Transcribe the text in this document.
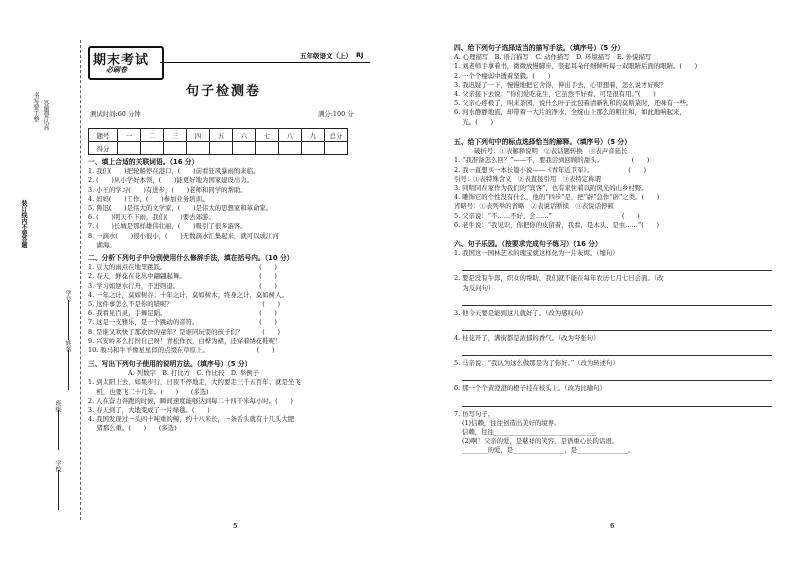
装订线内不要答题
书写要工整 答题要认真
学校
班级
姓名
学号
期末考试
必刷卷
五年级语文（上） RJ
句子检测卷
测试时间:60 分钟	满分:100 分
题号	一	二	三	四	五	六	七	八	九	总分
得分										
一、填上合适的关联词语。（16 分）
1. 我们(　　)把轮船停在港口，(　　)前看狂风暴雨的来临。
2. (　　)从小学好本领，(　　)能更好地为国家建设出力。
3. 小王的学习(　　)有进步，(　　)老师和同学的帮助。
4. 妈妈(　　)工作，(　　)参加业务培训。
5. 鲁迅(　　)是伟大的文学家，(　　)是伟大的思想家和革命家。
6. (　　)明天不下雨，我们(　　)要去郊游。
7. (　　)长城是那样雄伟壮丽，(　　)吸引了很多游客。
8. 一滴水(　　)很小很小，(　　)无数滴水汇集起来，就可以成江河
　 湖海。
二、分析下列句子中分别使用什么修辞手法，填在括号内。（10 分）
1. 豆大的雨点在地里跳跃。　　　　　　　　　　　　　　　(　　)
2. 春天，鲜花在花丛中翩翩起舞。　　　　　　　　　　　　(　　)
3. 学习如逆水行舟，不进则退。　　　　　　　　　　　　　(　　)
4. 一年之计，莫如树谷；十年之计，莫如树木；终身之计，莫如树人。
5. 这件事怎么不是你的错呢？　　　　　　　　　　　　　　(　　)
6. 我看见百灵，手舞足蹈。　　　　　　　　　　　　　　　(　　)
7. 这是一支雅乐，是一个跳动的音符。　　　　　　　　　　(　　)
8. 是谁又欢快了那欢快的童年？是谁同玩耍的孩子们？　　　(　　)
9. 兴安岭多么打扮自己呀！青松作衣，白桦为裙，还穿着绣花鞋呢！
10. 骏马和牛羊像星星似的点缀在草原上。　　　　　　　　(　　)
三、写出下列句子使用的说明方法。（填序号）（5 分）
A. 列数字　B. 打比方　C. 作比较　D. 举例子
1. 到太阳上去，如果步行，日夜不停地走，大约要走三千五百年；就是坐飞
　 机，也要飞二十几年。(　　)　　(多选)
2. 人在奋力奔跑的时候，瞬间速度能够达到每二十四千米每小时。(　　)
3. 春天到了，大地变成了一片绿毯。(　　)
4. 我国发现过一头四十吨重的鲸，约十八米长，一条舌头就有十几头大肥
　 猪那么重。(　　)　　(多选)
5
四、给下列句子选择适当的描写手法。（填序号）（5 分）
A. 心理描写　B. 语言描写　C. 动作描写　D. 环境描写　E. 外貌描写
1. 刘老师手拿着书，微微放慢脚步，竖起耳朵仔细倾听每一双眼睛后面的眼睛。(　　)
2. 一个个瘦弱中透着坚毅。(　　)
3. 我迟疑了一下，慢慢地把它舍得，伸出手去，心里想着，怎么说才好呢？
4. 父亲接下去说：“你们爱吃花生，它虽然不好看，可是很有用。”(　　)
5. 父亲心疼极了，叫来茶园，说什么叶子比包着清新乳和的莫斯菜时，还味有一些。
6. 河水静静地流，却带着一大片的净水，全绽山上那么的粗壮和，如此地响起来，
　 光。(　　)
五、给下列句中的标点选择恰当的解释。（填序号）（5 分）
破折号：①表解释说明　②表话题转换　③表声音延长
1. “我准备怎么回？”——不，要我尝到回顾的甜头。　　　　　(　　)
2. 我一直想买一本长篇小说——《青年近卫军》。　　　　　　(　　)
引号：①表特殊含义　②表直接引用　③表特定称谓
3. 同明同在家作为我们的“宾客”，也有家住着以附风光的山乡村野。
4. 雕饰它的个性没有什么，他的“四步”是，把“辟”急作“辟”之类。(　　)
省略号：①表列举的省略　②表说话断续　③表说话停顿
5. 父亲说：“不……不好，会……”　　　　　　　　　　　(　　)
6. 老牛说：“我见识，你把你的皮留着，我看，是木头、是虫……”(　　)
六、句子乐园。（按要求完成句子练习）（16 分）
1. 我国这一园林艺术的瑰宝就这样化为一片灰烬。（缩句）
2. 要是没有牛郎，织女的帮助，我们就不能在每年农历七月七日会面。（改
　 为反问句）
3. 他今天要是能到这儿就好了。（改为感叹句）
4. 桂花开了，满街都是浓郁的香气。（改为夸张句）
5. 马亲说：“我认为这么做那是为了你好。”（改为转述句）
6. 那一个个黄澄澄的橙子挂在枝头上。（改为比喻句）
7. 仿写句子。
(1)信赖，往往创造出美好的境界。
信赖，往往________________________________
(2)啊！父亲的爱，是慈祥的笑容，是语重心长的话语。
________的爱，是________________，是________________。
6
